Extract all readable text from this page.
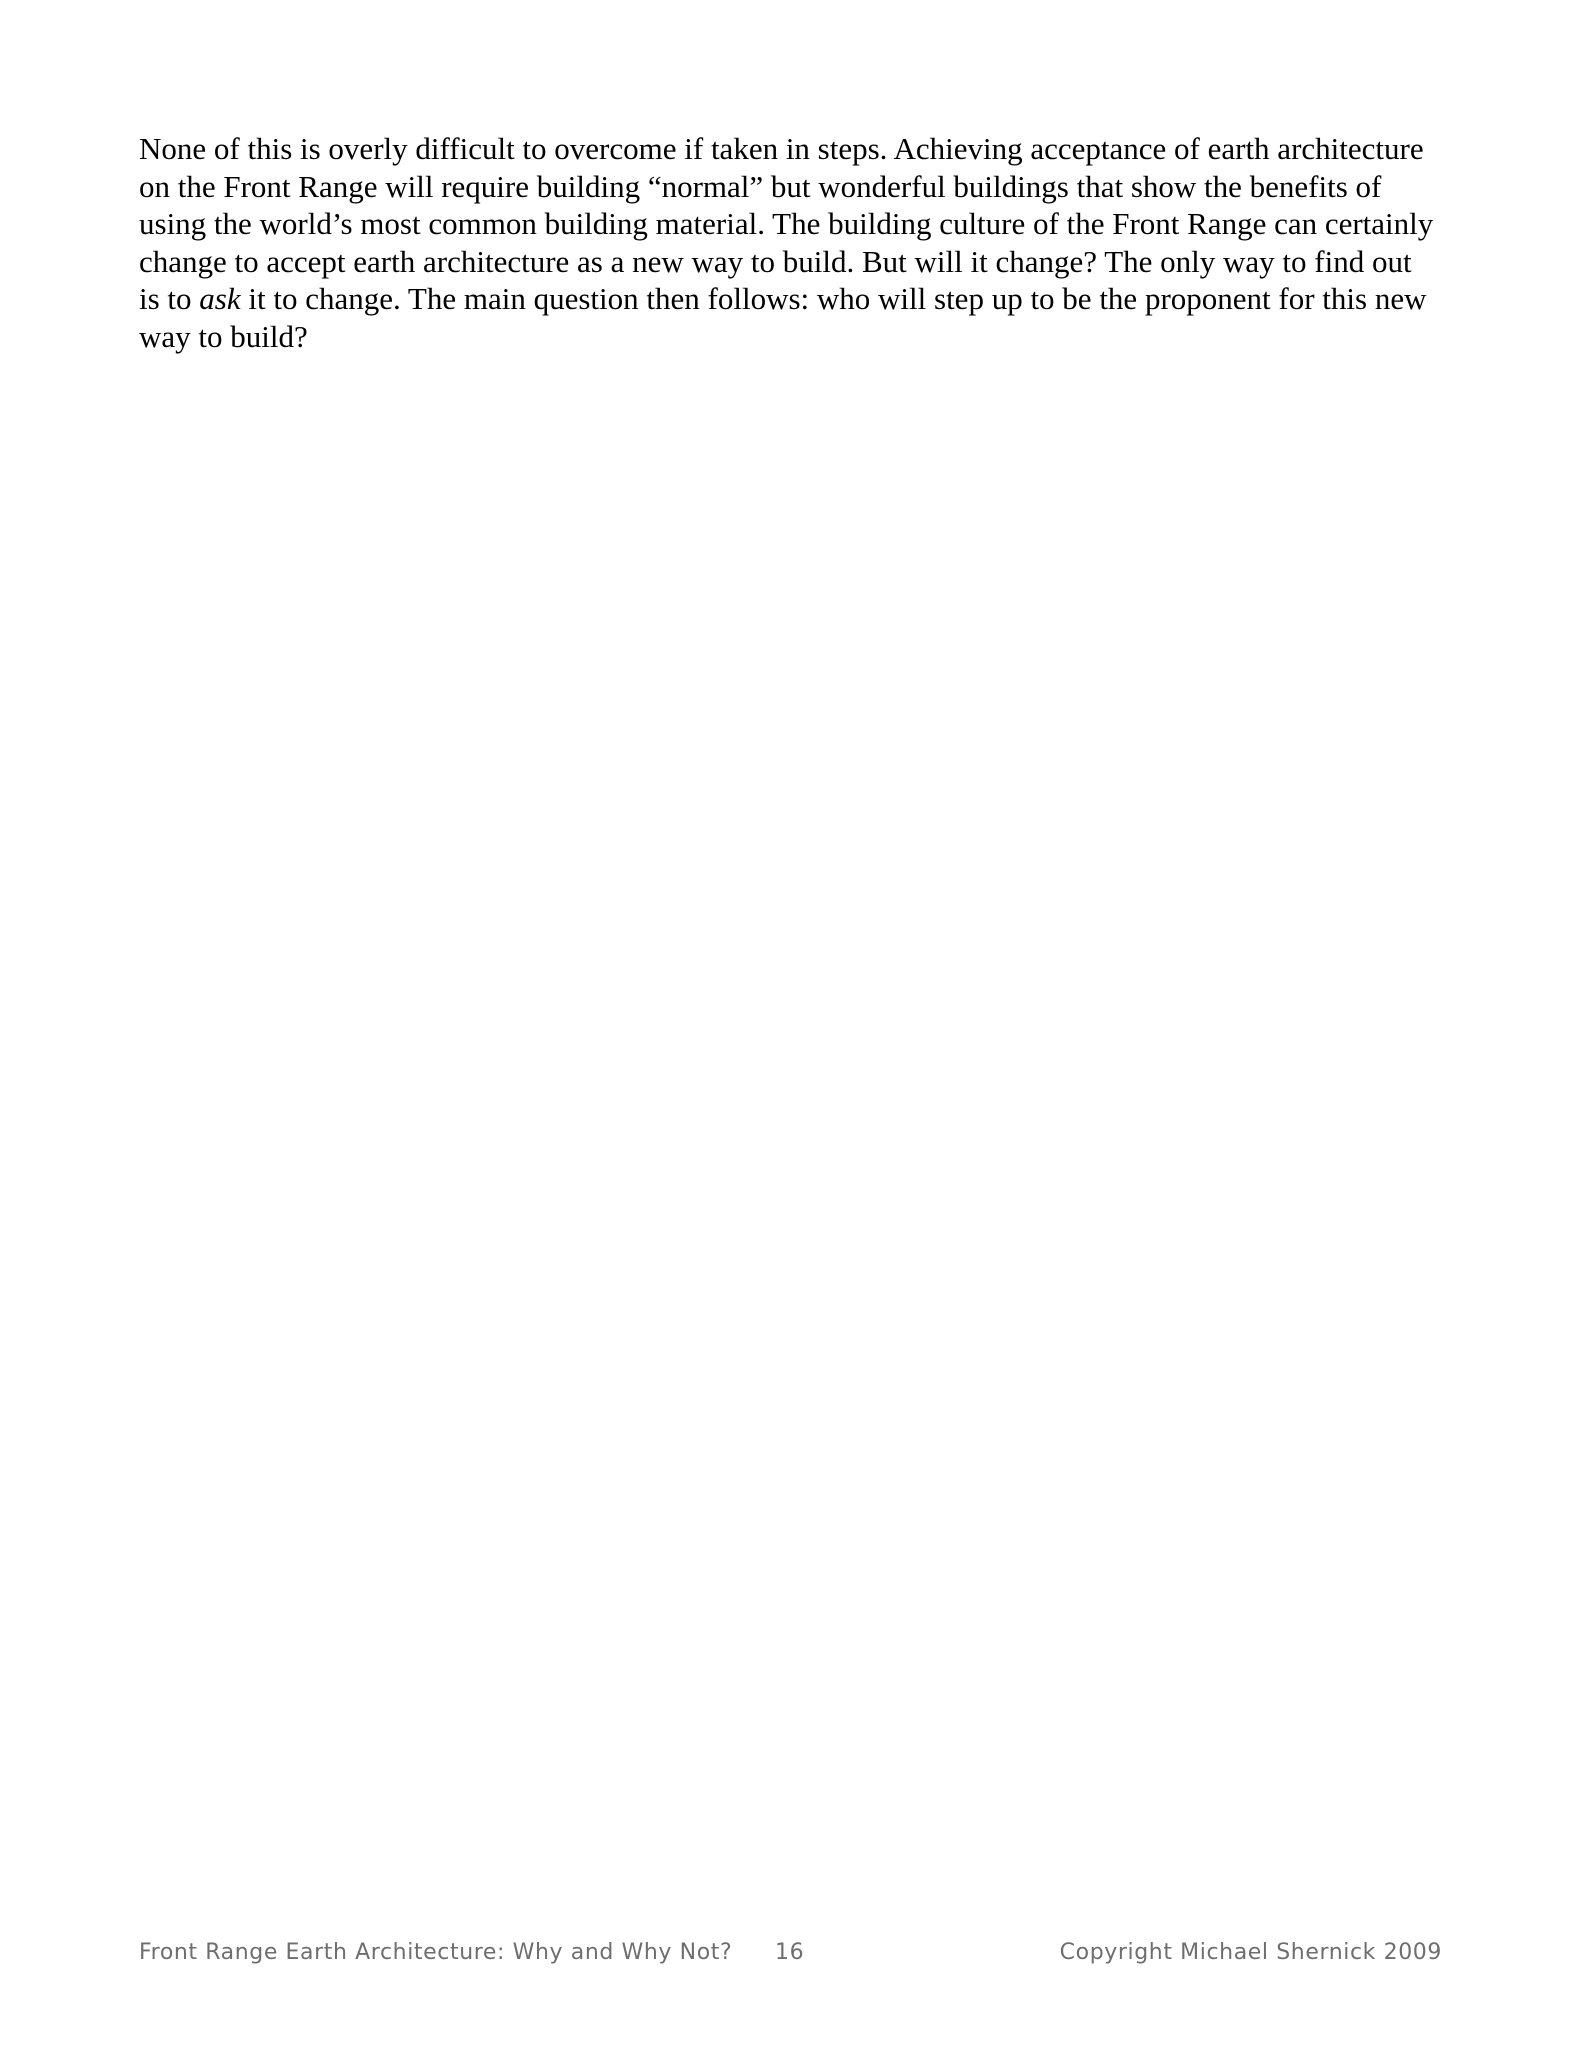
None of this is overly difficult to overcome if taken in steps. Achieving acceptance of earth architecture
on the Front Range will require building “normal” but wonderful buildings that show the benefits of
using the world’s most common building material. The building culture of the Front Range can certainly
change to accept earth architecture as a new way to build. But will it change? The only way to find out
is to ask it to change. The main question then follows: who will step up to be the proponent for this new
way to build?

Front Range Earth Architecture: Why and Why Not? 16	Copyright Michael Shernick 2009
